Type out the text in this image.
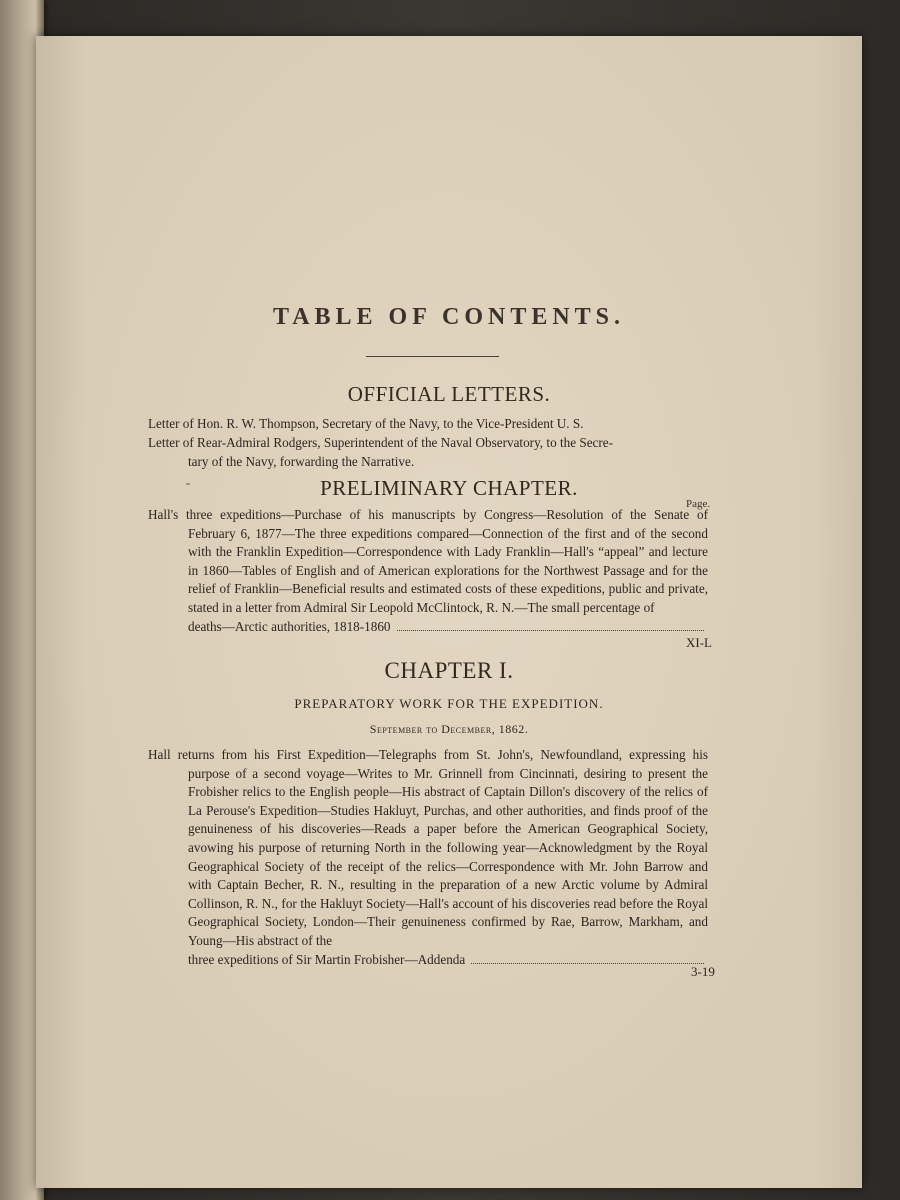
TABLE OF CONTENTS.
OFFICIAL LETTERS.
Letter of Hon. R. W. Thompson, Secretary of the Navy, to the Vice-President U. S.
Letter of Rear-Admiral Rodgers, Superintendent of the Naval Observatory, to the Secre-
tary of the Navy, forwarding the Narrative.
PRELIMINARY CHAPTER.
Page.
Hall's three expeditions—Purchase of his manuscripts by Congress—Resolution of the Senate of February 6, 1877—The three expeditions compared—Connection of the first and of the second with the Franklin Expedition—Correspondence with Lady Franklin—Hall's “appeal” and lecture in 1860—Tables of English and of American explorations for the Northwest Passage and for the relief of Franklin—Beneficial results and estimated costs of these expeditions, public and private, stated in a letter from Admiral Sir Leopold McClintock, R. N.—The small percentage of
deaths—Arctic authorities, 1818-1860
XI-L
CHAPTER I.
PREPARATORY WORK FOR THE EXPEDITION.
September to December, 1862.
Hall returns from his First Expedition—Telegraphs from St. John's, Newfoundland, expressing his purpose of a second voyage—Writes to Mr. Grinnell from Cincinnati, desiring to present the Frobisher relics to the English people—His abstract of Captain Dillon's discovery of the relics of La Perouse's Expedition—Studies Hakluyt, Purchas, and other authorities, and finds proof of the genuineness of his discoveries—Reads a paper before the American Geographical Society, avowing his purpose of returning North in the following year—Acknowledgment by the Royal Geographical Society of the receipt of the relics—Correspondence with Mr. John Barrow and with Captain Becher, R. N., resulting in the preparation of a new Arctic volume by Admiral Collinson, R. N., for the Hakluyt Society—Hall's account of his discoveries read before the Royal Geographical Society, London—Their genuineness confirmed by Rae, Barrow, Markham, and Young—His abstract of the
three expeditions of Sir Martin Frobisher—Addenda
3-19
